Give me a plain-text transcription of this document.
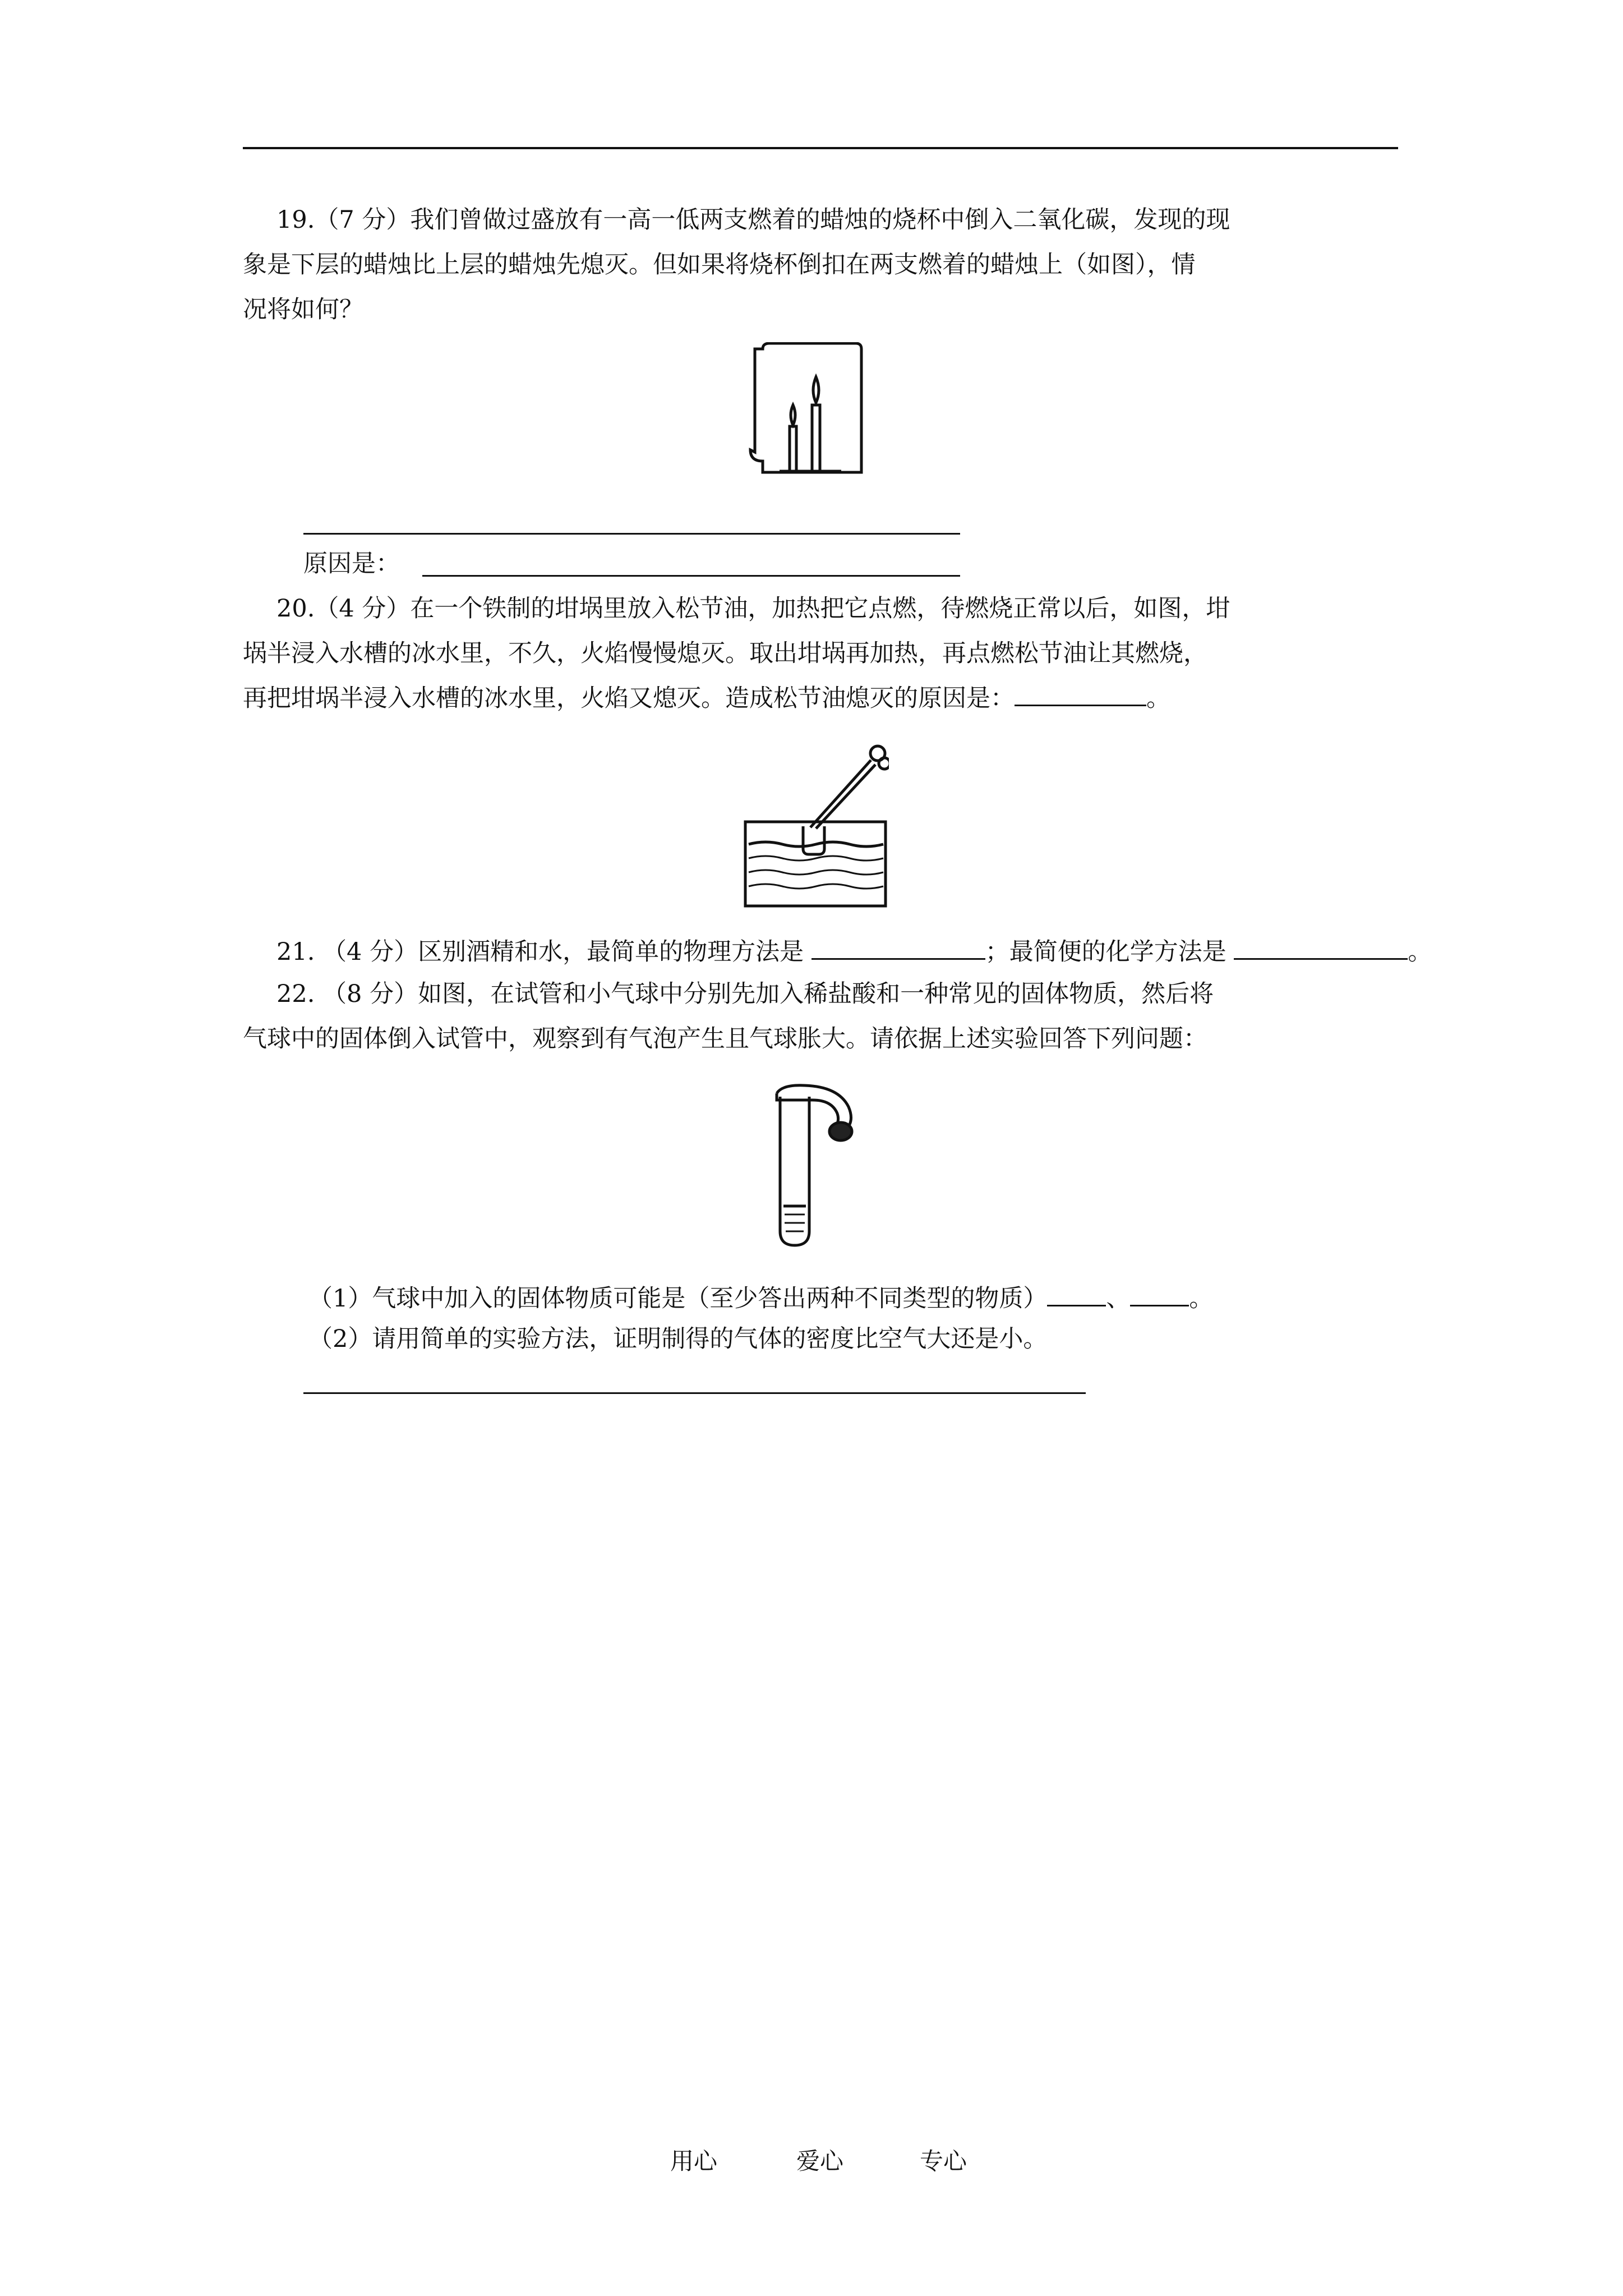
19.（7 分）我们曾做过盛放有一高一低两支燃着的蜡烛的烧杯中倒入二氧化碳，发现的现
象是下层的蜡烛比上层的蜡烛先熄灭。但如果将烧杯倒扣在两支燃着的蜡烛上（如图），情
况将如何？
原因是：
20.（4 分）在一个铁制的坩埚里放入松节油，加热把它点燃，待燃烧正常以后，如图，坩
埚半浸入水槽的冰水里，不久，火焰慢慢熄灭。取出坩埚再加热，再点燃松节油让其燃烧，
再把坩埚半浸入水槽的冰水里，火焰又熄灭。造成松节油熄灭的原因是：	。
21. （4 分）区别酒精和水，最简单的物理方法是	；最简便的化学方法是	。
22. （8 分）如图，在试管和小气球中分别先加入稀盐酸和一种常见的固体物质，然后将
气球中的固体倒入试管中，观察到有气泡产生且气球胀大。请依据上述实验回答下列问题：
（1）气球中加入的固体物质可能是（至少答出两种不同类型的物质） 、 。
（2）请用简单的实验方法，证明制得的气体的密度比空气大还是小。
用心	爱心	专心
